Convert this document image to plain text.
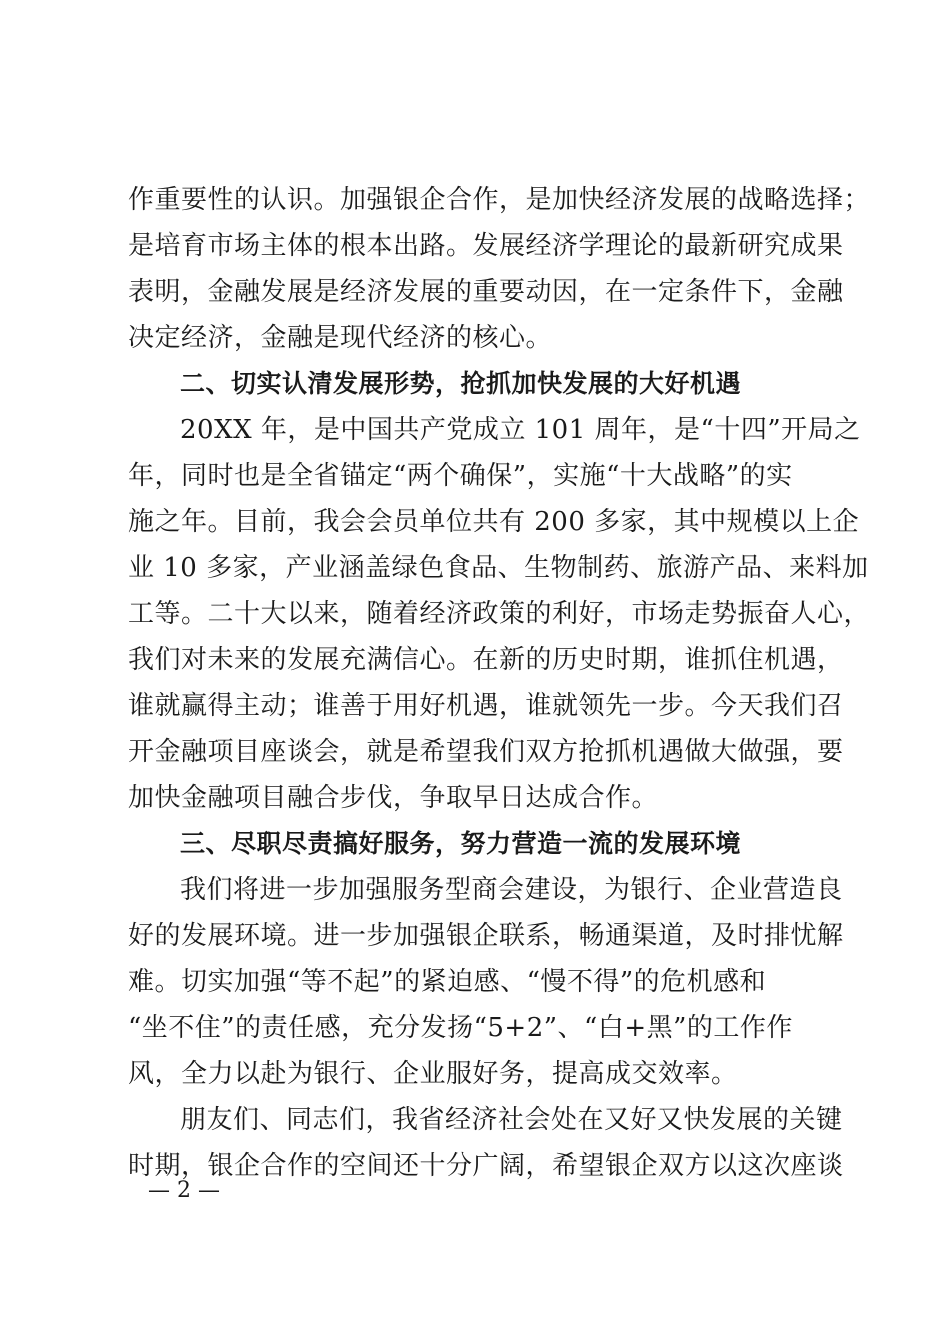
作重要性的认识。加强银企合作，是加快经济发展的战略选择；
是培育市场主体的根本出路。发展经济学理论的最新研究成果
表明，金融发展是经济发展的重要动因，在一定条件下，金融
决定经济，金融是现代经济的核心。
二、切实认清发展形势，抢抓加快发展的大好机遇
20XX 年，是中国共产党成立 101 周年，是“十四”开局之
年，同时也是全省锚定“两个确保”，实施“十大战略”的实
施之年。目前，我会会员单位共有 200 多家，其中规模以上企
业 10 多家，产业涵盖绿色食品、生物制药、旅游产品、来料加
工等。二十大以来，随着经济政策的利好，市场走势振奋人心，
我们对未来的发展充满信心。在新的历史时期，谁抓住机遇，
谁就赢得主动；谁善于用好机遇，谁就领先一步。今天我们召
开金融项目座谈会，就是希望我们双方抢抓机遇做大做强，要
加快金融项目融合步伐，争取早日达成合作。
三、尽职尽责搞好服务，努力营造一流的发展环境
我们将进一步加强服务型商会建设，为银行、企业营造良
好的发展环境。进一步加强银企联系，畅通渠道，及时排忧解
难。切实加强“等不起”的紧迫感、“慢不得”的危机感和
“坐不住”的责任感，充分发扬“5+2”、“白+黑”的工作作
风，全力以赴为银行、企业服好务，提高成交效率。
朋友们、同志们，我省经济社会处在又好又快发展的关键
时期，银企合作的空间还十分广阔，希望银企双方以这次座谈
— 2 —
